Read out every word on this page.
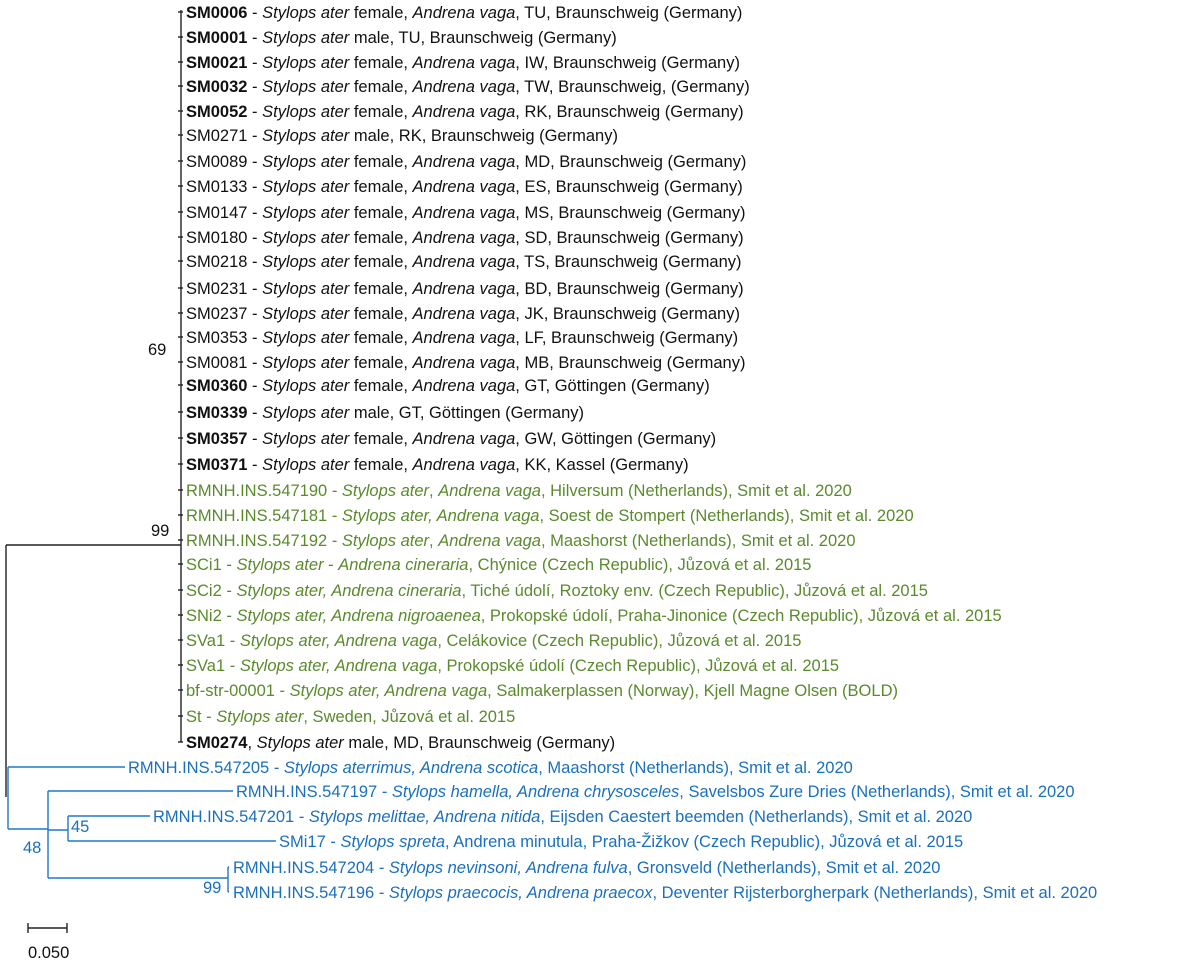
SM0006 - Stylops ater female, Andrena vaga, TU, Braunschweig (Germany)
SM0001 - Stylops ater male, TU, Braunschweig (Germany)
SM0021 - Stylops ater female, Andrena vaga, IW, Braunschweig (Germany)
SM0032 - Stylops ater female, Andrena vaga, TW, Braunschweig, (Germany)
SM0052 - Stylops ater female, Andrena vaga, RK, Braunschweig (Germany)
SM0271 - Stylops ater male, RK, Braunschweig (Germany)
SM0089 - Stylops ater female, Andrena vaga, MD, Braunschweig (Germany)
SM0133 - Stylops ater female, Andrena vaga, ES, Braunschweig (Germany)
SM0147 - Stylops ater female, Andrena vaga, MS, Braunschweig (Germany)
SM0180 - Stylops ater female, Andrena vaga, SD, Braunschweig (Germany)
SM0218 - Stylops ater female, Andrena vaga, TS, Braunschweig (Germany)
SM0231 - Stylops ater female, Andrena vaga, BD, Braunschweig (Germany)
SM0237 - Stylops ater female, Andrena vaga, JK, Braunschweig (Germany)
SM0353 - Stylops ater female, Andrena vaga, LF, Braunschweig (Germany)
SM0081 - Stylops ater female, Andrena vaga, MB, Braunschweig (Germany)
SM0360 - Stylops ater female, Andrena vaga, GT, Göttingen (Germany)
SM0339 - Stylops ater male, GT, Göttingen (Germany)
SM0357 - Stylops ater female, Andrena vaga, GW, Göttingen (Germany)
SM0371 - Stylops ater female, Andrena vaga, KK, Kassel (Germany)
RMNH.INS.547190 - Stylops ater, Andrena vaga, Hilversum (Netherlands), Smit et al. 2020
RMNH.INS.547181 - Stylops ater, Andrena vaga, Soest de Stompert (Netherlands), Smit et al. 2020
RMNH.INS.547192 - Stylops ater, Andrena vaga, Maashorst (Netherlands), Smit et al. 2020
SCi1 - Stylops ater - Andrena cineraria, Chýnice (Czech Republic), Jůzová et al. 2015
SCi2 - Stylops ater, Andrena cineraria, Tiché údolí, Roztoky env. (Czech Republic), Jůzová et al. 2015
SNi2 - Stylops ater, Andrena nigroaenea, Prokopské údolí, Praha-Jinonice (Czech Republic), Jůzová et al. 2015
SVa1 - Stylops ater, Andrena vaga, Celákovice (Czech Republic), Jůzová et al. 2015
SVa1 - Stylops ater, Andrena vaga, Prokopské údolí (Czech Republic), Jůzová et al. 2015
bf-str-00001 - Stylops ater, Andrena vaga, Salmakerplassen (Norway), Kjell Magne Olsen (BOLD)
St - Stylops ater, Sweden, Jůzová et al. 2015
SM0274, Stylops ater male, MD, Braunschweig (Germany)
RMNH.INS.547205 - Stylops aterrimus, Andrena scotica, Maashorst (Netherlands), Smit et al. 2020
RMNH.INS.547197 - Stylops hamella, Andrena chrysosceles, Savelsbos Zure Dries (Netherlands), Smit et al. 2020
RMNH.INS.547201 - Stylops melittae, Andrena nitida, Eijsden Caestert beemden (Netherlands), Smit et al. 2020
SMi17 - Stylops spreta, Andrena minutula, Praha-Žižkov (Czech Republic), Jůzová et al. 2015
RMNH.INS.547204 - Stylops nevinsoni, Andrena fulva, Gronsveld (Netherlands), Smit et al. 2020
RMNH.INS.547196 - Stylops praecocis, Andrena praecox, Deventer Rijsterborgherpark (Netherlands), Smit et al. 2020
69
99
45
48
99
0.050
